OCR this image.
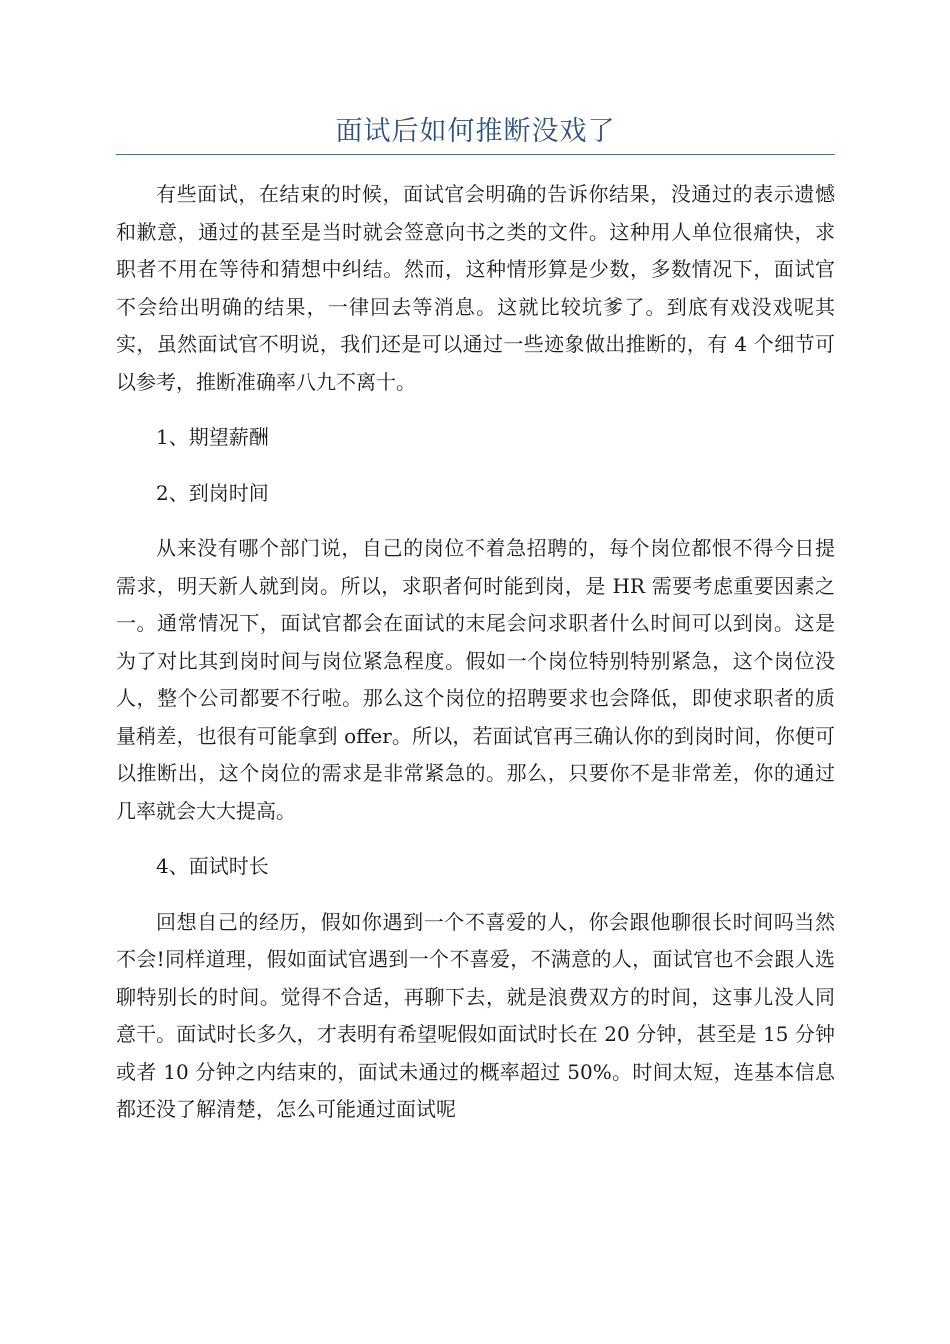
面试后如何推断没戏了

有些面试，在结束的时候，面试官会明确的告诉你结果，没通过的表示遗憾和歉意，通过的甚至是当时就会签意向书之类的文件。这种用人单位很痛快，求职者不用在等待和猜想中纠结。然而，这种情形算是少数，多数情况下，面试官不会给出明确的结果，一律回去等消息。这就比较坑爹了。到底有戏没戏呢其实，虽然面试官不明说，我们还是可以通过一些迹象做出推断的，有 4 个细节可以参考，推断准确率八九不离十。

1、期望薪酬

2、到岗时间

从来没有哪个部门说，自己的岗位不着急招聘的，每个岗位都恨不得今日提需求，明天新人就到岗。所以，求职者何时能到岗，是 HR 需要考虑重要因素之一。通常情况下，面试官都会在面试的末尾会问求职者什么时间可以到岗。这是为了对比其到岗时间与岗位紧急程度。假如一个岗位特别特别紧急，这个岗位没人，整个公司都要不行啦。那么这个岗位的招聘要求也会降低，即使求职者的质量稍差，也很有可能拿到 offer。所以，若面试官再三确认你的到岗时间，你便可以推断出，这个岗位的需求是非常紧急的。那么，只要你不是非常差，你的通过几率就会大大提高。

4、面试时长

回想自己的经历，假如你遇到一个不喜爱的人，你会跟他聊很长时间吗当然不会!同样道理，假如面试官遇到一个不喜爱，不满意的人，面试官也不会跟人选聊特别长的时间。觉得不合适，再聊下去，就是浪费双方的时间，这事儿没人同意干。面试时长多久，才表明有希望呢假如面试时长在 20 分钟，甚至是 15 分钟或者 10 分钟之内结束的，面试未通过的概率超过 50%。时间太短，连基本信息都还没了解清楚，怎么可能通过面试呢
